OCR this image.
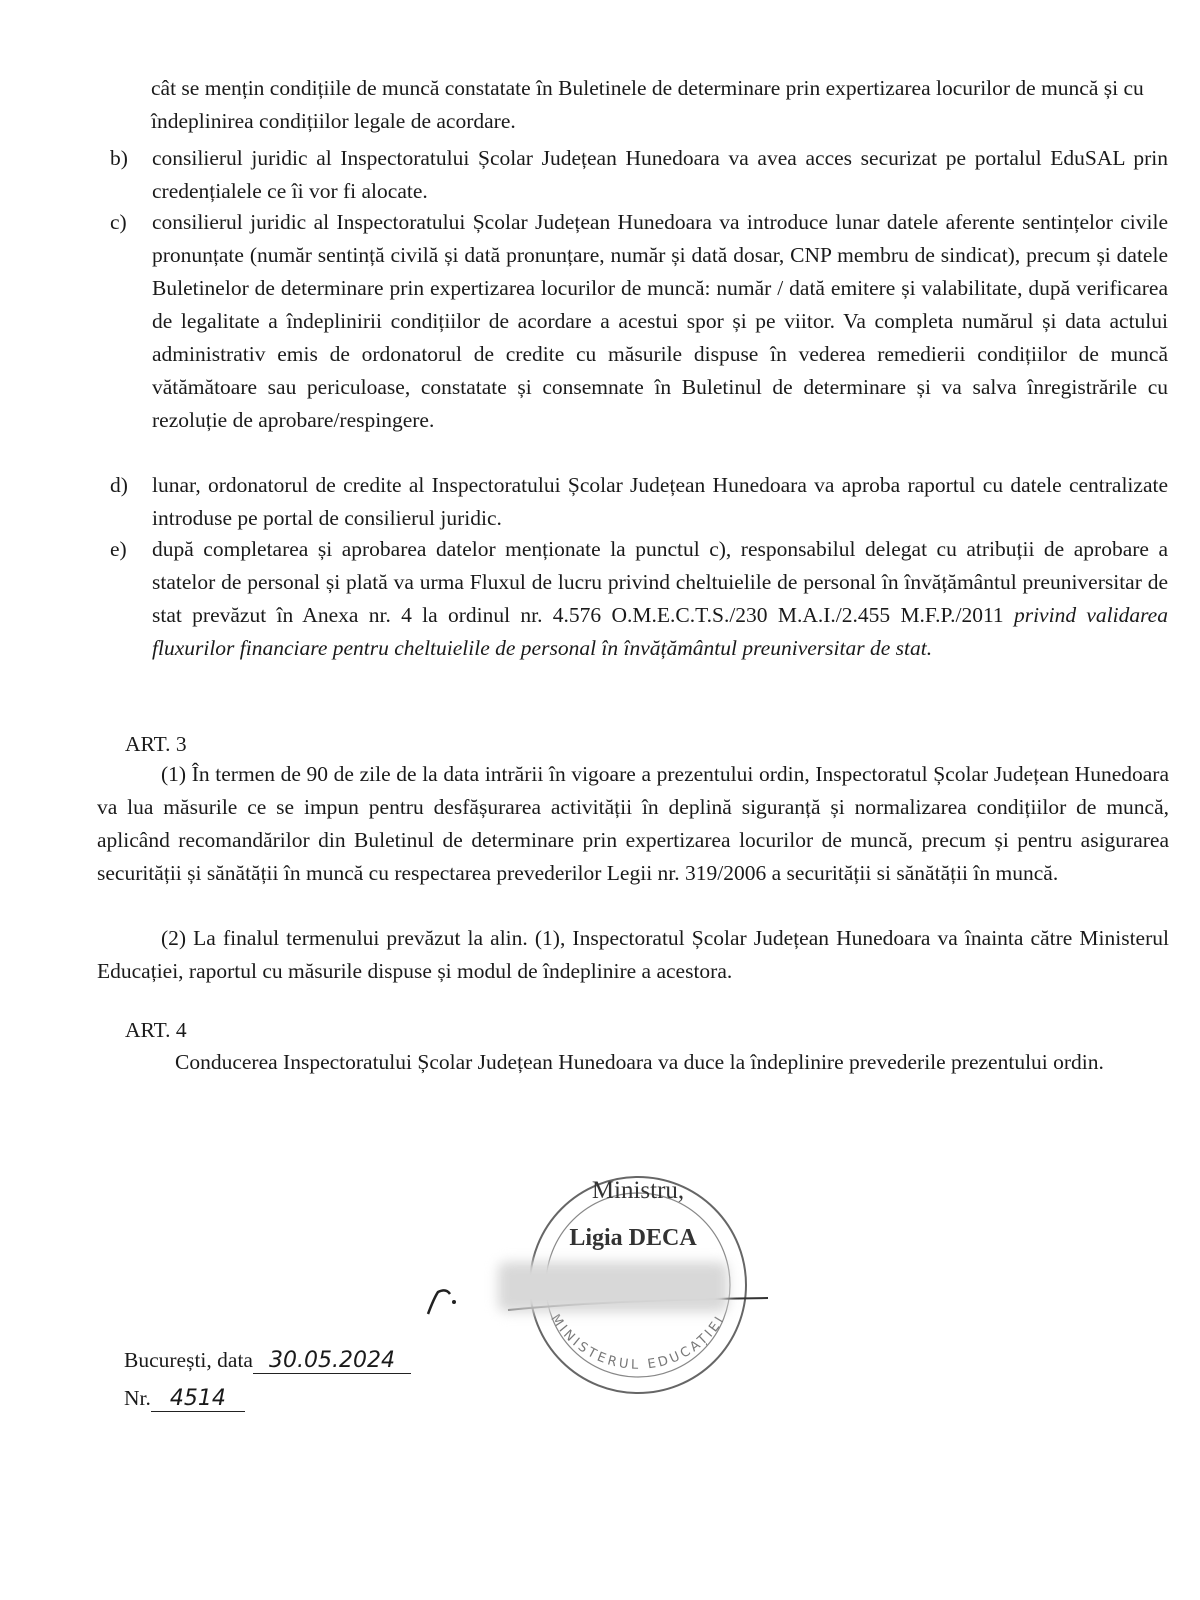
cât se mențin condițiile de muncă constatate în Buletinele de determinare prin expertizarea locurilor de muncă și cu îndeplinirea condițiilor legale de acordare.
b)	consilierul juridic al Inspectoratului Școlar Județean Hunedoara va avea acces securizat pe portalul EduSAL prin credențialele ce îi vor fi alocate.
c)	consilierul juridic al Inspectoratului Școlar Județean Hunedoara va introduce lunar datele aferente sentințelor civile pronunțate (număr sentință civilă și dată pronunțare, număr și dată dosar, CNP membru de sindicat), precum și datele Buletinelor de determinare prin expertizarea locurilor de muncă: număr / dată emitere și valabilitate, după verificarea de legalitate a îndeplinirii condițiilor de acordare a acestui spor și pe viitor. Va completa numărul și data actului administrativ emis de ordonatorul de credite cu măsurile dispuse în vederea remedierii condițiilor de muncă vătămătoare sau periculoase, constatate și consemnate în Buletinul de determinare și va salva înregistrările cu rezoluție de aprobare/respingere.
d)	lunar, ordonatorul de credite al Inspectoratului Școlar Județean Hunedoara va aproba raportul cu datele centralizate introduse pe portal de consilierul juridic.
e)	după completarea și aprobarea datelor menționate la punctul c), responsabilul delegat cu atribuții de aprobare a statelor de personal și plată va urma Fluxul de lucru privind cheltuielile de personal în învățământul preuniversitar de stat prevăzut în Anexa nr. 4 la ordinul nr. 4.576 O.M.E.C.T.S./230 M.A.I./2.455 M.F.P./2011 privind validarea fluxurilor financiare pentru cheltuielile de personal în învățământul preuniversitar de stat.
ART. 3
(1) În termen de 90 de zile de la data intrării în vigoare a prezentului ordin, Inspectoratul Școlar Județean Hunedoara va lua măsurile ce se impun pentru desfășurarea activității în deplină siguranță și normalizarea condițiilor de muncă, aplicând recomandărilor din Buletinul de determinare prin expertizarea locurilor de muncă, precum și pentru asigurarea securității și sănătății în muncă cu respectarea prevederilor Legii nr. 319/2006 a securității si sănătății în muncă.
(2) La finalul termenului prevăzut la alin. (1), Inspectoratul Școlar Județean Hunedoara va înainta către Ministerul Educației, raportul cu măsurile dispuse și modul de îndeplinire a acestora.
ART. 4
Conducerea Inspectoratului Școlar Județean Hunedoara va duce la îndeplinire prevederile prezentului ordin.
MINISTERUL EDUCAȚIEI
Ministru,
Ligia DECA
București, data 30.05.2024
Nr. 4514
